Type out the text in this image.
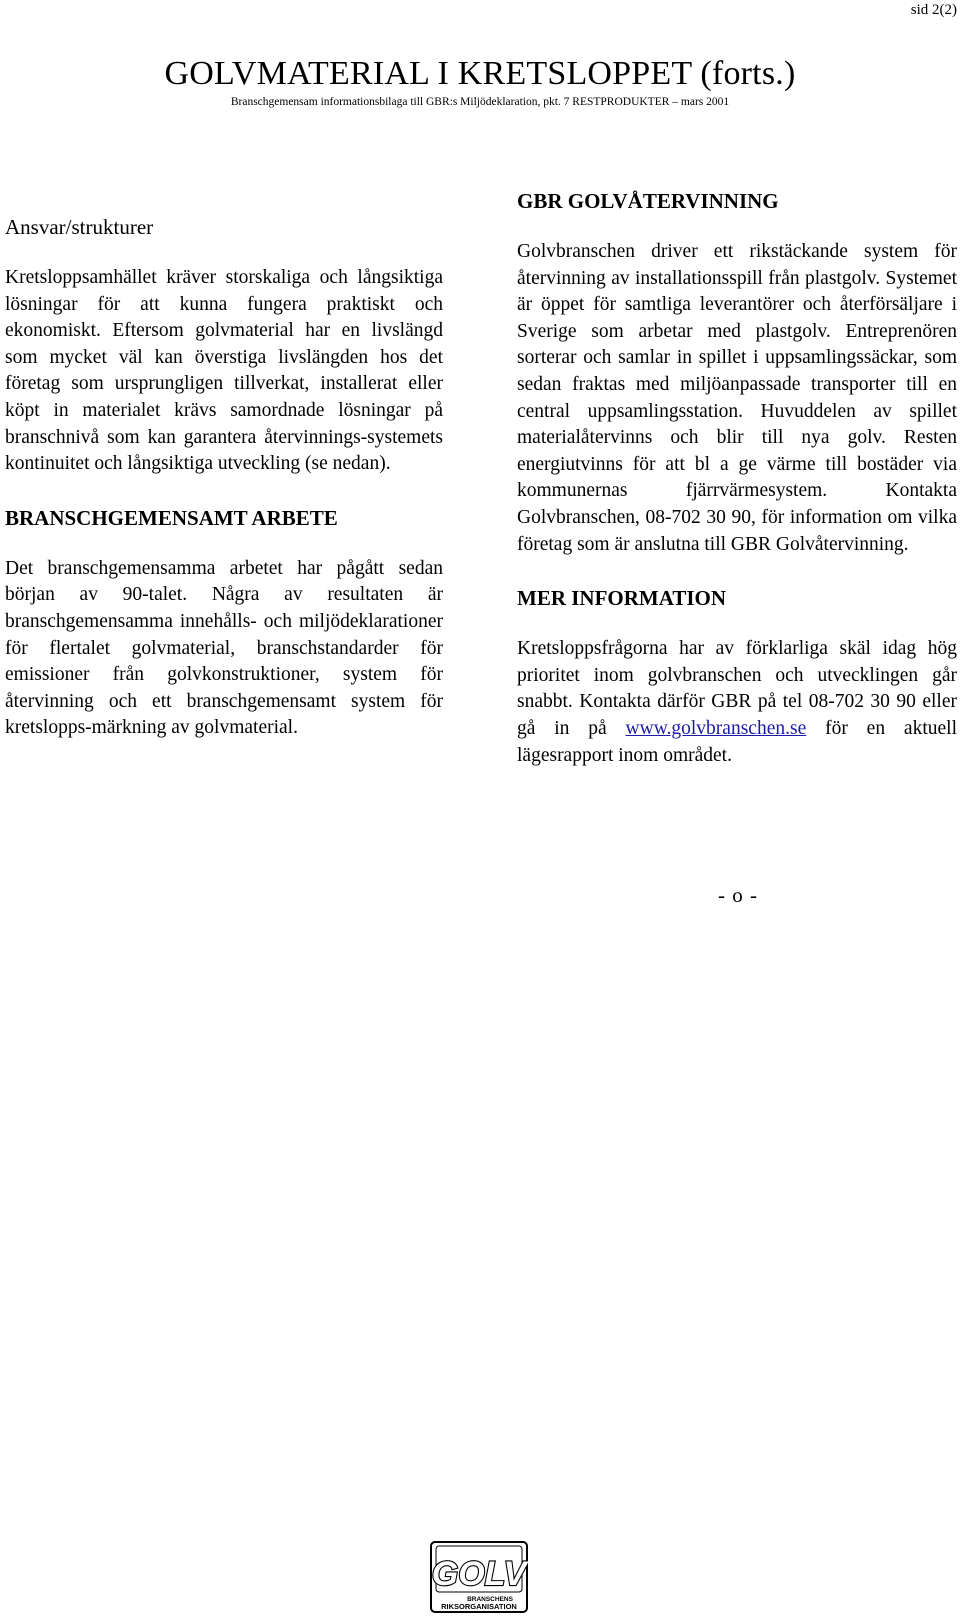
sid 2(2)
GOLVMATERIAL I KRETSLOPPET (forts.)
Branschgemensam informationsbilaga till GBR:s Miljödeklaration, pkt. 7 RESTPRODUKTER – mars 2001
Ansvar/strukturer

Kretsloppsamhället kräver storskaliga och långsiktiga lösningar för att kunna fungera praktiskt och ekonomiskt. Eftersom golvmaterial har en livslängd som mycket väl kan överstiga livslängden hos det företag som ursprungligen tillverkat, installerat eller köpt in materialet krävs samordnade lösningar på branschnivå som kan garantera återvinnings-systemets kontinuitet och långsiktiga utveckling (se nedan).

BRANSCHGEMENSAMT ARBETE

Det branschgemensamma arbetet har pågått sedan början av 90-talet. Några av resultaten är branschgemensamma innehålls- och miljödeklarationer för flertalet golvmaterial, branschstandarder för emissioner från golvkonstruktioner, system för återvinning och ett branschgemensamt system för kretslopps-märkning av golvmaterial.

GBR GOLVÅTERVINNING

Golvbranschen driver ett rikstäckande system för återvinning av installationsspill från plastgolv. Systemet är öppet för samtliga leverantörer och återförsäljare i Sverige som arbetar med plastgolv. Entreprenören sorterar och samlar in spillet i uppsamlingssäckar, som sedan fraktas med miljöanpassade transporter till en central uppsamlingsstation. Huvuddelen av spillet materialåtervinns och blir till nya golv. Resten energiutvinns för att bl a ge värme till bostäder via kommunernas fjärrvärmesystem. Kontakta Golvbranschen, 08-702 30 90, för information om vilka företag som är anslutna till GBR Golvåtervinning.

MER INFORMATION

Kretsloppsfrågorna har av förklarliga skäl idag hög prioritet inom golvbranschen och utvecklingen går snabbt. Kontakta därför GBR på tel 08-702 30 90 eller gå in på www.golvbranschen.se för en aktuell lägesrapport inom området.

- o -
GOLV
BRANSCHENS
RIKSORGANISATION
